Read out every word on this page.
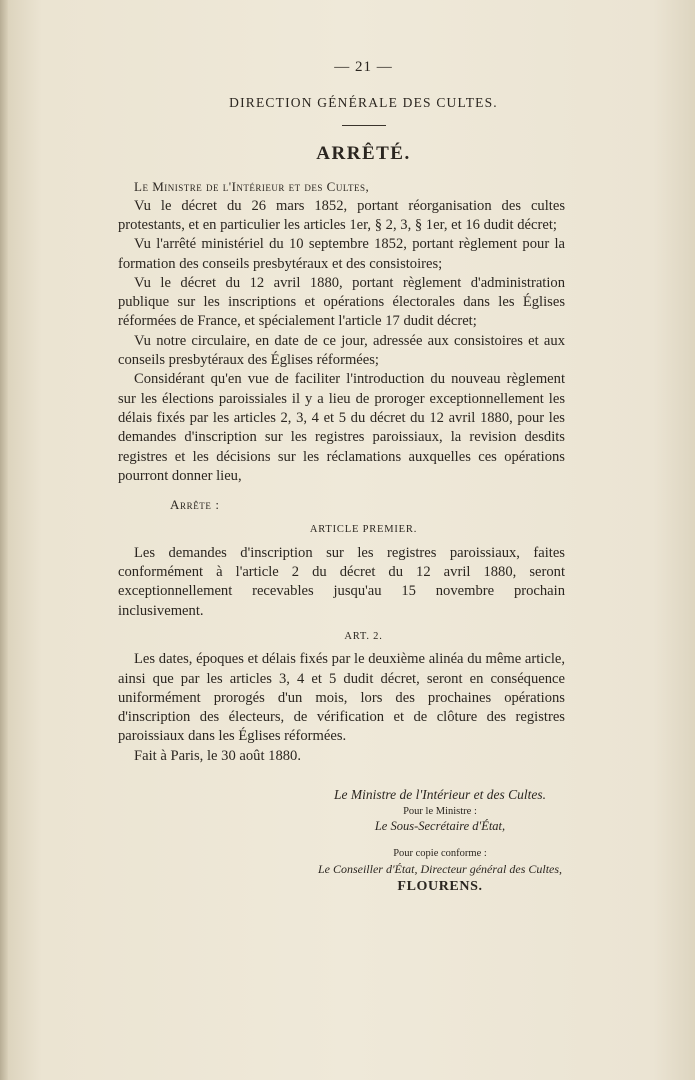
— 21 —
DIRECTION GÉNÉRALE DES CULTES.
ARRÊTÉ.
Le Ministre de l'Intérieur et des Cultes,

Vu le décret du 26 mars 1852, portant réorganisation des cultes protestants, et en particulier les articles 1er, § 2, 3, § 1er, et 16 dudit décret;

Vu l'arrêté ministériel du 10 septembre 1852, portant règlement pour la formation des conseils presbytéraux et des consistoires;

Vu le décret du 12 avril 1880, portant règlement d'administration publique sur les inscriptions et opérations électorales dans les Églises réformées de France, et spécialement l'article 17 dudit décret;

Vu notre circulaire, en date de ce jour, adressée aux consistoires et aux conseils presbytéraux des Églises réformées;

Considérant qu'en vue de faciliter l'introduction du nouveau règlement sur les élections paroissiales il y a lieu de proroger exceptionnellement les délais fixés par les articles 2, 3, 4 et 5 du décret du 12 avril 1880, pour les demandes d'inscription sur les registres paroissiaux, la revision desdits registres et les décisions sur les réclamations auxquelles ces opérations pourront donner lieu,

Arrête :
ARTICLE PREMIER.

Les demandes d'inscription sur les registres paroissiaux, faites conformément à l'article 2 du décret du 12 avril 1880, seront exceptionnellement recevables jusqu'au 15 novembre prochain inclusivement.

ART. 2.

Les dates, époques et délais fixés par le deuxième alinéa du même article, ainsi que par les articles 3, 4 et 5 dudit décret, seront en conséquence uniformément prorogés d'un mois, lors des prochaines opérations d'inscription des électeurs, de vérification et de clôture des registres paroissiaux dans les Églises réformées.

Fait à Paris, le 30 août 1880.

Le Ministre de l'Intérieur et des Cultes.
Pour le Ministre :
Le Sous-Secrétaire d'État,
Pour copie conforme :
Le Conseiller d'État, Directeur général des Cultes,
FLOURENS.
